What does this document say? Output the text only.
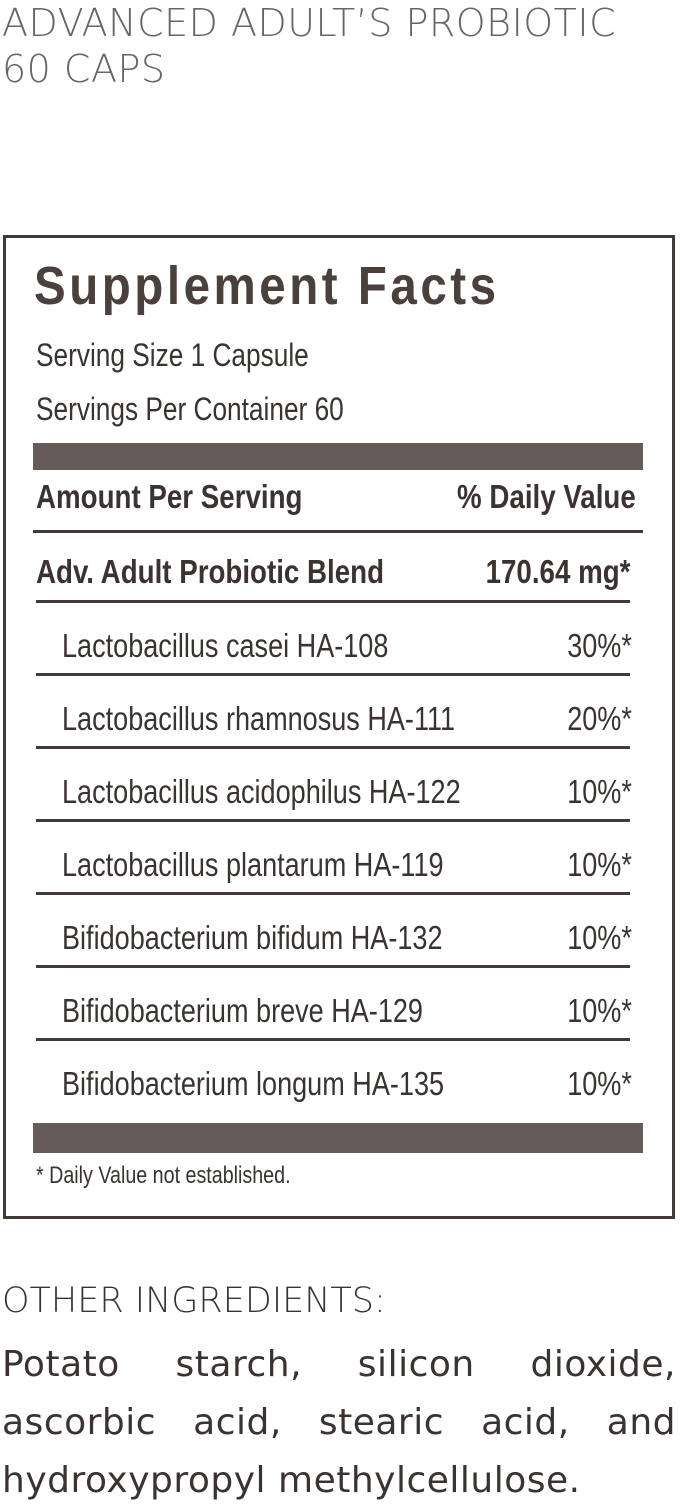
ADVANCED ADULT’S PROBIOTIC
60 CAPS
Supplement Facts
Serving Size 1 Capsule
Servings Per Container 60
Amount Per Serving	% Daily Value
Adv. Adult Probiotic Blend	170.64 mg*
Lactobacillus casei HA-108	30%*
Lactobacillus rhamnosus HA-111	20%*
Lactobacillus acidophilus HA-122	10%*
Lactobacillus plantarum HA-119	10%*
Bifidobacterium bifidum HA-132	10%*
Bifidobacterium breve HA-129	10%*
Bifidobacterium longum HA-135	10%*
* Daily Value not established.
OTHER INGREDIENTS:
Potato starch, silicon dioxide, ascorbic acid, stearic acid, and hydroxypropyl methylcellulose.
